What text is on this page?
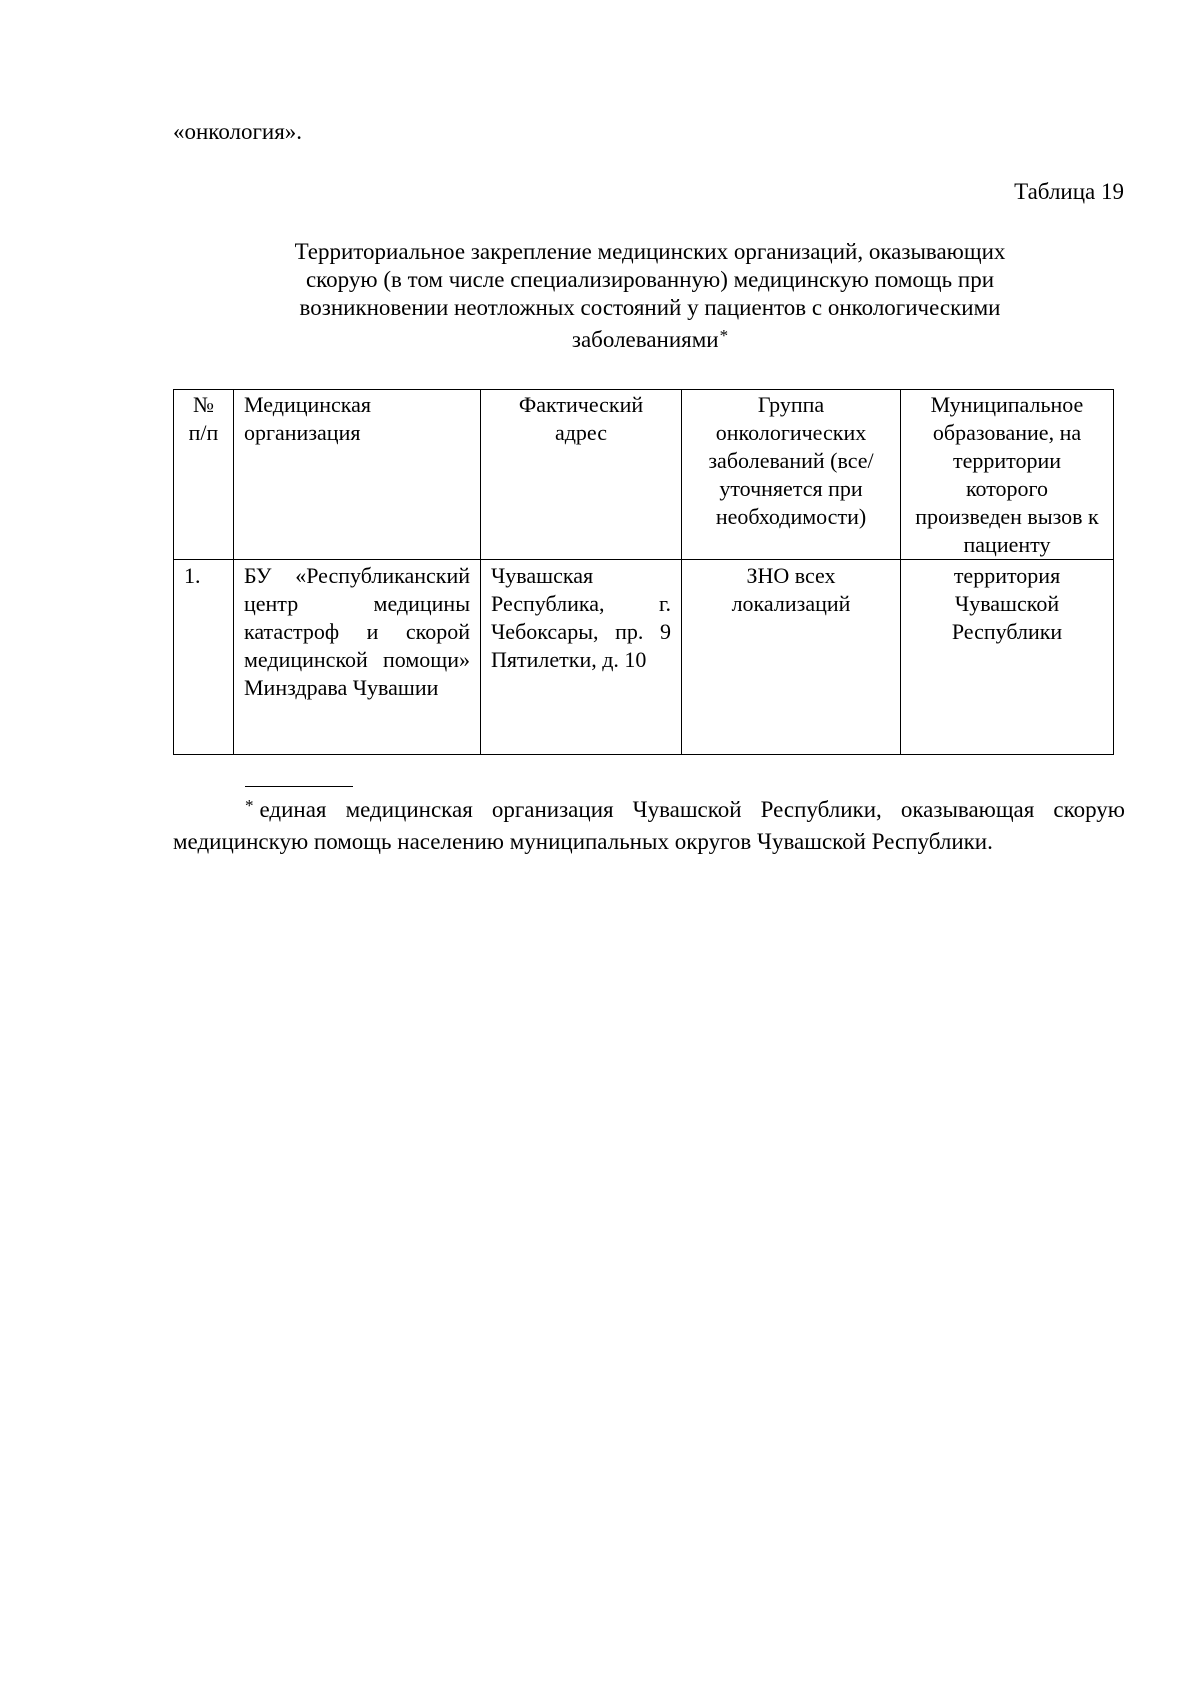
«онкология».
Таблица 19
Территориальное закрепление медицинских организаций, оказывающих
скорую (в том числе специализированную) медицинскую помощь при
возникновении неотложных состояний у пациентов с онкологическими
заболеваниями*
№ п/п	Медицинская организация	Фактический адрес	Группа онкологических заболеваний (все/ уточняется при необходимости)	Муниципальное образование, на территории которого произведен вызов к пациенту
1.	БУ «Республиканский центр медицины катастроф и скорой медицинской помощи» Минздрава Чувашии	Чувашская Республика, г. Чебоксары, пр. 9 Пятилетки, д. 10	ЗНО всех локализаций	территория Чувашской Республики
* единая медицинская организация Чувашской Республики, оказывающая скорую медицинскую помощь населению муниципальных округов Чувашской Республики.
